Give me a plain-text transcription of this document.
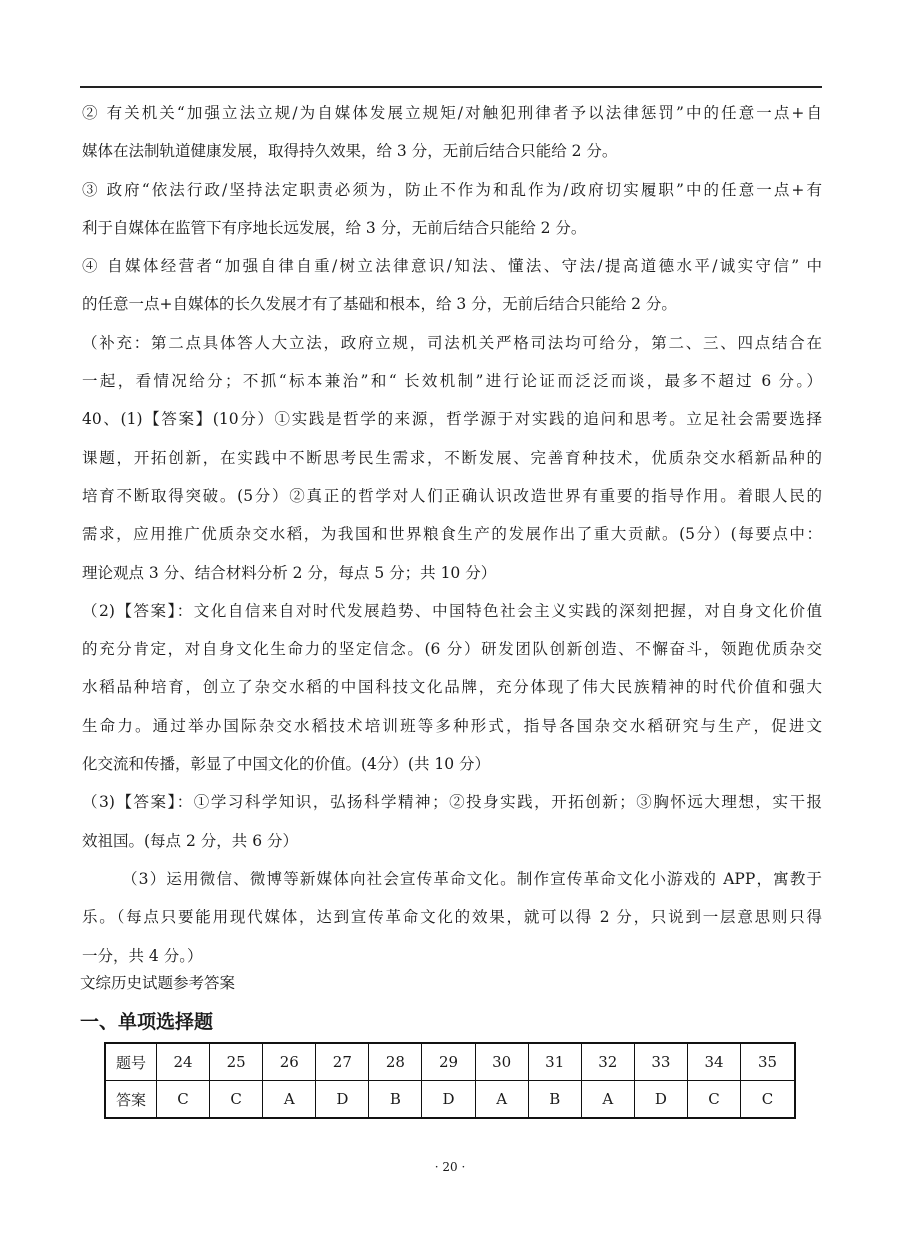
② 有关机关“加强立法立规/为自媒体发展立规矩/对触犯刑律者予以法律惩罚”中的任意一点+自
媒体在法制轨道健康发展，取得持久效果，给 3 分，无前后结合只能给 2 分。
③ 政府“依法行政/坚持法定职责必须为，防止不作为和乱作为/政府切实履职”中的任意一点+有
利于自媒体在监管下有序地长远发展，给 3 分，无前后结合只能给 2 分。
④ 自媒体经营者“加强自律自重/树立法律意识/知法、懂法、守法/提高道德水平/诚实守信” 中
的任意一点+自媒体的长久发展才有了基础和根本，给 3 分，无前后结合只能给 2 分。
（补充：第二点具体答人大立法，政府立规，司法机关严格司法均可给分，第二、三、四点结合在
一起，看情况给分；不抓“标本兼治”和“ 长效机制”进行论证而泛泛而谈，最多不超过 6 分。）
40、(1)【答案】(10分）①实践是哲学的来源，哲学源于对实践的追问和思考。立足社会需要选择
课题，开拓创新，在实践中不断思考民生需求，不断发展、完善育种技术，优质杂交水稻新品种的
培育不断取得突破。(5分）②真正的哲学对人们正确认识改造世界有重要的指导作用。着眼人民的
需求，应用推广优质杂交水稻，为我国和世界粮食生产的发展作出了重大贡献。(5分）(每要点中：
理论观点 3 分、结合材料分析 2 分，每点 5 分；共 10 分）
（2)【答案】：文化自信来自对时代发展趋势、中国特色社会主义实践的深刻把握，对自身文化价值
的充分肯定，对自身文化生命力的坚定信念。(6 分）研发团队创新创造、不懈奋斗，领跑优质杂交
水稻品种培育，创立了杂交水稻的中国科技文化品牌，充分体现了伟大民族精神的时代价值和强大
生命力。通过举办国际杂交水稻技术培训班等多种形式，指导各国杂交水稻研究与生产，促进文
化交流和传播，彰显了中国文化的价值。(4分）(共 10 分）
（3)【答案】：①学习科学知识，弘扬科学精神；②投身实践，开拓创新；③胸怀远大理想，实干报
效祖国。(每点 2 分，共 6 分）
（3）运用微信、微博等新媒体向社会宣传革命文化。制作宣传革命文化小游戏的 APP，寓教于
乐。（每点只要能用现代媒体，达到宣传革命文化的效果，就可以得 2 分，只说到一层意思则只得
一分，共 4 分。）
文综历史试题参考答案
一、单项选择题
题号	24	25	26	27	28	29	30	31	32	33	34	35
答案	C	C	A	D	B	D	A	B	A	D	C	C
· 20 ·
